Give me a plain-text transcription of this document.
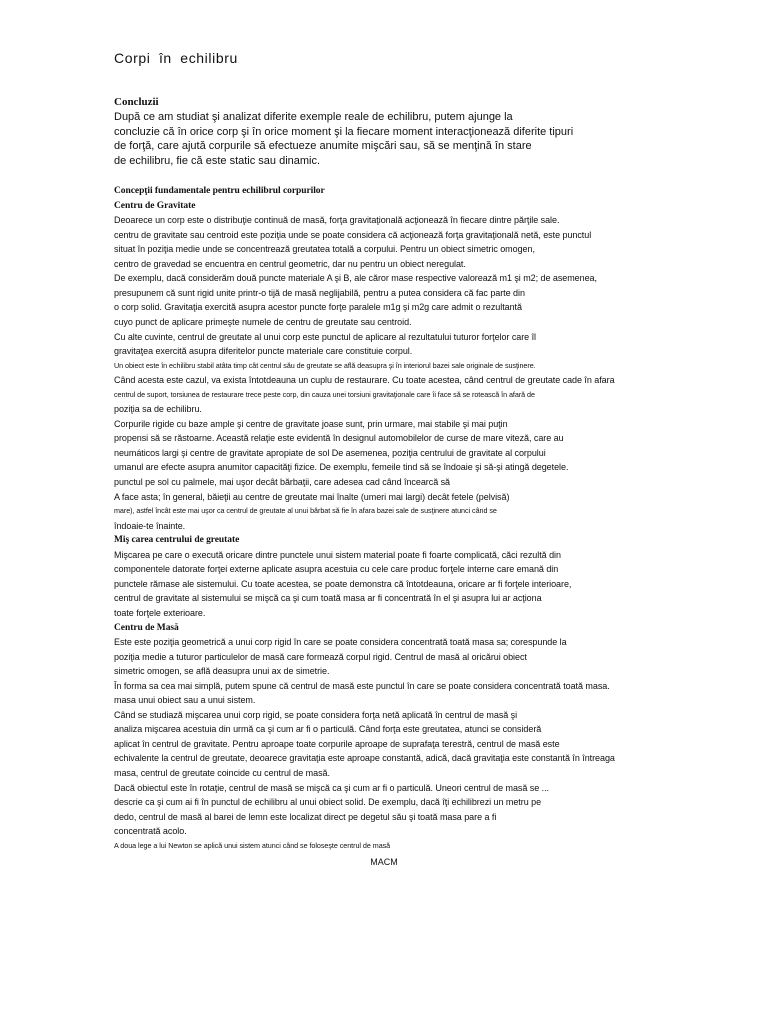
Corpi în echilibru
Concluzii
După ce am studiat şi analizat diferite exemple reale de echilibru, putem ajunge la
concluzie că în orice corp şi în orice moment şi la fiecare moment interacţionează diferite tipuri
de forţă, care ajută corpurile să efectueze anumite mişcări sau, să se menţină în stare
de echilibru, fie că este static sau dinamic.
Concepţii fundamentale pentru echilibrul corpurilor
Centru de Gravitate
Deoarece un corp este o distribuţie continuă de masă, forţa gravitaţională acţionează în fiecare dintre părţile sale.
centru de gravitate sau centroid este poziţia unde se poate considera că acţionează forţa gravitaţională netă, este punctul
situat în poziţia medie unde se concentrează greutatea totală a corpului. Pentru un obiect simetric omogen,
centro de gravedad se encuentra en centrul geometric, dar nu pentru un obiect neregulat.
De exemplu, dacă considerăm două puncte materiale A şi B, ale căror mase respective valorează m1 şi m2; de asemenea,
presupunem că sunt rigid unite printr-o tijă de masă neglijabilă, pentru a putea considera că fac parte din
o corp solid. Gravitaţia exercită asupra acestor puncte forţe paralele m1g şi m2g care admit o rezultantă
cuyo punct de aplicare primeşte numele de centru de greutate sau centroid.
Cu alte cuvinte, centrul de greutate al unui corp este punctul de aplicare al rezultatului tuturor forţelor care îl
gravitaţea exercită asupra diferitelor puncte materiale care constituie corpul.
Un obiect este în echilibru stabil atâta timp cât centrul său de greutate se află deasupra şi în interiorul bazei sale originale de susţinere.
Când acesta este cazul, va exista întotdeauna un cuplu de restaurare. Cu toate acestea, când centrul de greutate cade în afara
centrul de suport, torsiunea de restaurare trece peste corp, din cauza unei torsiuni gravitaţionale care îi face să se rotească în afară de
poziţia sa de echilibru.
Corpurile rigide cu baze ample şi centre de gravitate joase sunt, prin urmare, mai stabile şi mai puţin
propensi să se răstoarne. Această relaţie este evidentă în designul automobilelor de curse de mare viteză, care au
neumáticos largi şi centre de gravitate apropiate de sol De asemenea, poziţia centrului de gravitate al corpului
umanul are efecte asupra anumitor capacităţi fizice. De exemplu, femeile tind să se îndoaie şi să-şi atingă degetele.
punctul pe sol cu palmele, mai uşor decât bărbaţii, care adesea cad când încearcă să
A face asta; în general, băieţii au centre de greutate mai înalte (umeri mai largi) decât fetele (pelvisă)
mare), astfel încât este mai uşor ca centrul de greutate al unui bărbat să fie în afara bazei sale de susţinere atunci când se
îndoaie-te înainte.
Miş carea centrului de greutate
Mişcarea pe care o execută oricare dintre punctele unui sistem material poate fi foarte complicată, căci rezultă din
componentele datorate forţei externe aplicate asupra acestuia cu cele care produc forţele interne care emană din
punctele rămase ale sistemului. Cu toate acestea, se poate demonstra că întotdeauna, oricare ar fi forţele interioare,
centrul de gravitate al sistemului se mişcă ca şi cum toată masa ar fi concentrată în el şi asupra lui ar acţiona
toate forţele exterioare.
Centru de Masă
Este este poziţia geometrică a unui corp rigid în care se poate considera concentrată toată masa sa; corespunde la
poziţia medie a tuturor particulelor de masă care formează corpul rigid. Centrul de masă al oricărui obiect
simetric omogen, se află deasupra unui ax de simetrie.
În forma sa cea mai simplă, putem spune că centrul de masă este punctul în care se poate considera concentrată toată masa.
masa unui obiect sau a unui sistem.
Când se studiază mişcarea unui corp rigid, se poate considera forţa netă aplicată în centrul de masă şi
analiza mişcarea acestuia din urmă ca şi cum ar fi o particulă. Când forţa este greutatea, atunci se consideră
aplicat în centrul de gravitate. Pentru aproape toate corpurile aproape de suprafaţa terestră, centrul de masă este
echivalente la centrul de greutate, deoarece gravitaţia este aproape constantă, adică, dacă gravitaţia este constantă în întreaga
masa, centrul de greutate coincide cu centrul de masă.
Dacă obiectul este în rotaţie, centrul de masă se mişcă ca şi cum ar fi o particulă. Uneori centrul de masă se ...
descrie ca şi cum ai fi în punctul de echilibru al unui obiect solid. De exemplu, dacă îţi echilibrezi un metru pe
dedo, centrul de masă al barei de lemn este localizat direct pe degetul său şi toată masa pare a fi
concentrată acolo.
A doua lege a lui Newton se aplică unui sistem atunci când se foloseşte centrul de masă
MACM
